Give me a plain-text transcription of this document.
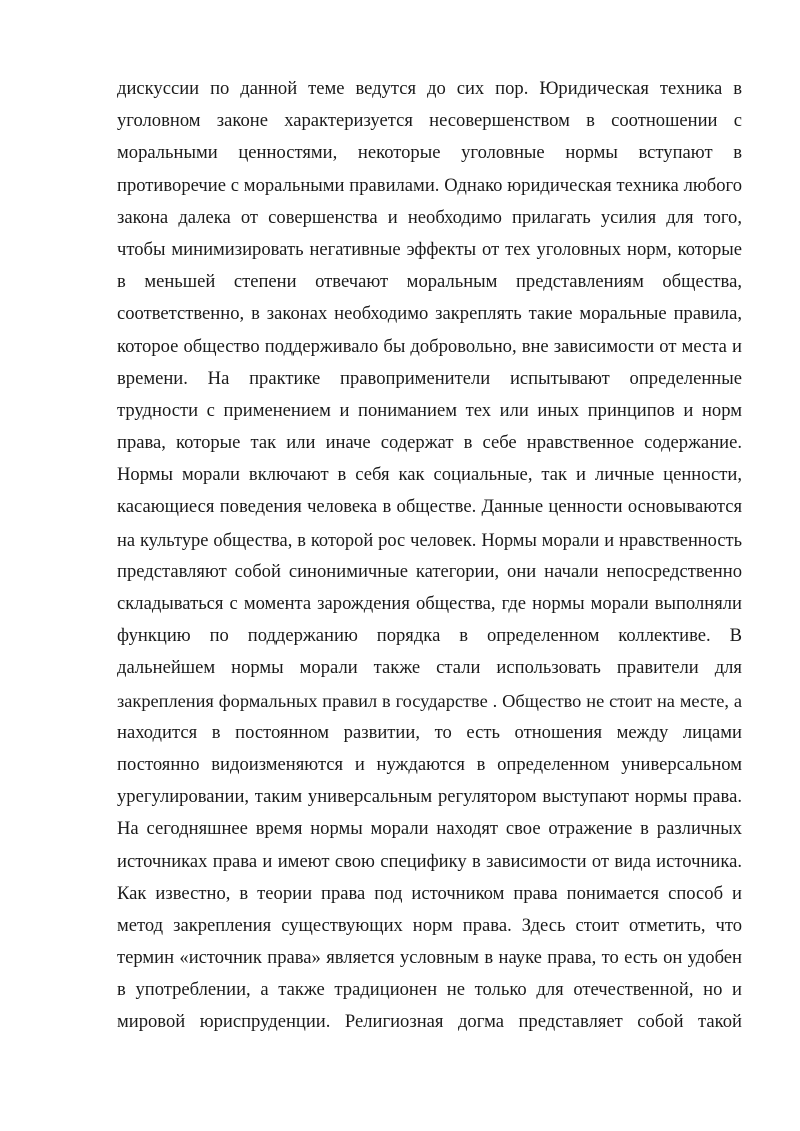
дискуссии по данной теме ведутся до сих пор. Юридическая техника в
уголовном законе характеризуется несовершенством в соотношении с
моральными ценностями, некоторые уголовные нормы вступают в
противоречие с моральными правилами. Однако юридическая техника любого
закона далека от совершенства и необходимо прилагать усилия для того,
чтобы минимизировать негативные эффекты от тех уголовных норм, которые
в меньшей степени отвечают моральным представлениям общества,
соответственно, в законах необходимо закреплять такие моральные правила,
которое общество поддерживало бы добровольно, вне зависимости от места и
времени. На практике правоприменители испытывают определенные
трудности с применением и пониманием тех или иных принципов и норм
права, которые так или иначе содержат в себе нравственное содержание.
Нормы морали включают в себя как социальные, так и личные ценности,
касающиеся поведения человека в обществе. Данные ценности основываются
на культуре общества, в которой рос человек. Нормы морали и нравственность
представляют собой синонимичные категории, они начали непосредственно
складываться с момента зарождения общества, где нормы морали выполняли
функцию по поддержанию порядка в определенном коллективе. В
дальнейшем нормы морали также стали использовать правители для
закрепления формальных правил в государстве . Общество не стоит на месте, а
находится в постоянном развитии, то есть отношения между лицами
постоянно видоизменяются и нуждаются в определенном универсальном
урегулировании, таким универсальным регулятором выступают нормы права.
На сегодняшнее время нормы морали находят свое отражение в различных
источниках права и имеют свою специфику в зависимости от вида источника.
Как известно, в теории права под источником права понимается способ и
метод закрепления существующих норм права. Здесь стоит отметить, что
термин «источник права» является условным в науке права, то есть он удобен
в употреблении, а также традиционен не только для отечественной, но и
мировой юриспруденции. Религиозная догма представляет собой такой
